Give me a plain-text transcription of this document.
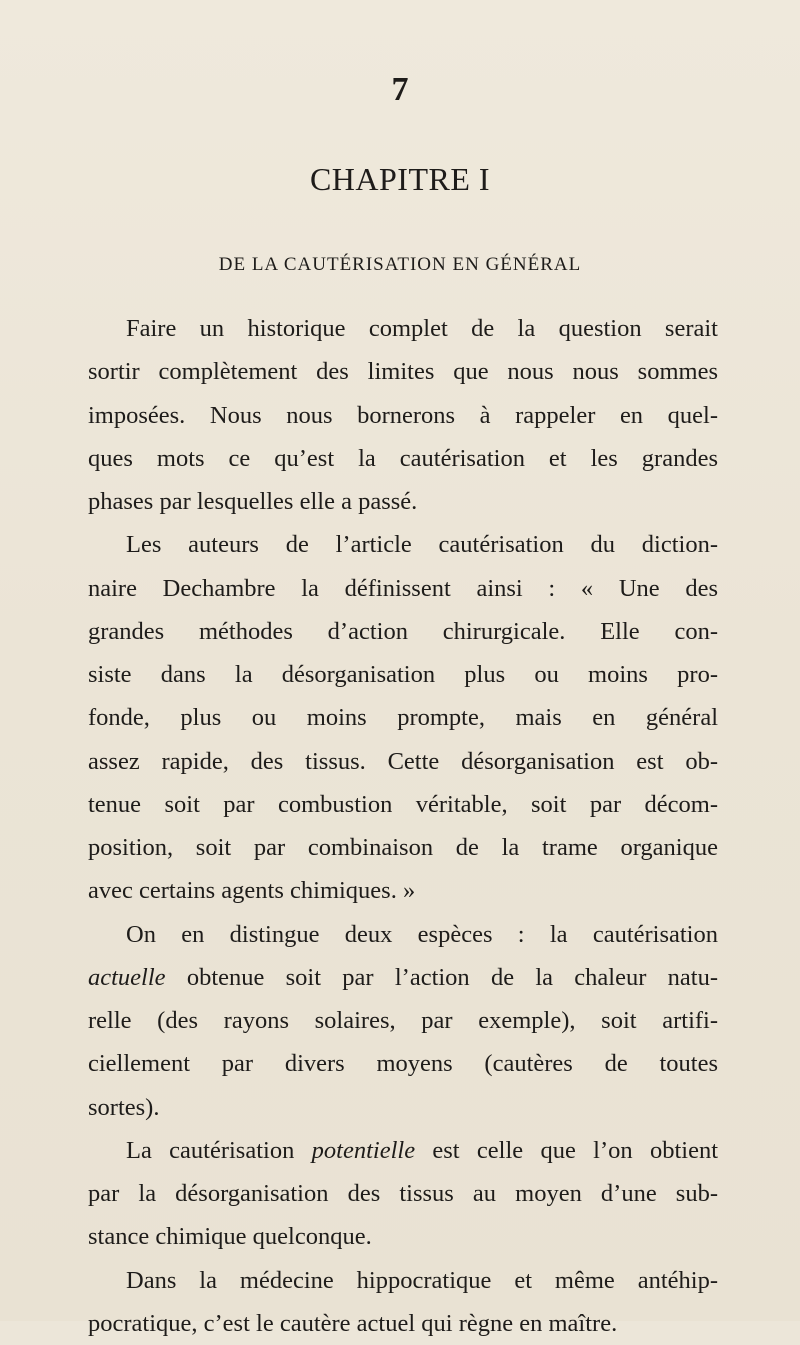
7
CHAPITRE I
DE LA CAUTÉRISATION EN GÉNÉRAL
Faire un historique complet de la question serait
sortir complètement des limites que nous nous sommes
imposées. Nous nous bornerons à rappeler en quel-
ques mots ce qu’est la cautérisation et les grandes
phases par lesquelles elle a passé.
Les auteurs de l’article cautérisation du diction-
naire Dechambre la définissent ainsi : « Une des
grandes méthodes d’action chirurgicale. Elle con-
siste dans la désorganisation plus ou moins pro-
fonde, plus ou moins prompte, mais en général
assez rapide, des tissus. Cette désorganisation est ob-
tenue soit par combustion véritable, soit par décom-
position, soit par combinaison de la trame organique
avec certains agents chimiques. »
On en distingue deux espèces : la cautérisation
actuelle obtenue soit par l’action de la chaleur natu-
relle (des rayons solaires, par exemple), soit artifi-
ciellement par divers moyens (cautères de toutes
sortes).
La cautérisation potentielle est celle que l’on obtient
par la désorganisation des tissus au moyen d’une sub-
stance chimique quelconque.
Dans la médecine hippocratique et même antéhip-
pocratique, c’est le cautère actuel qui règne en maître.
